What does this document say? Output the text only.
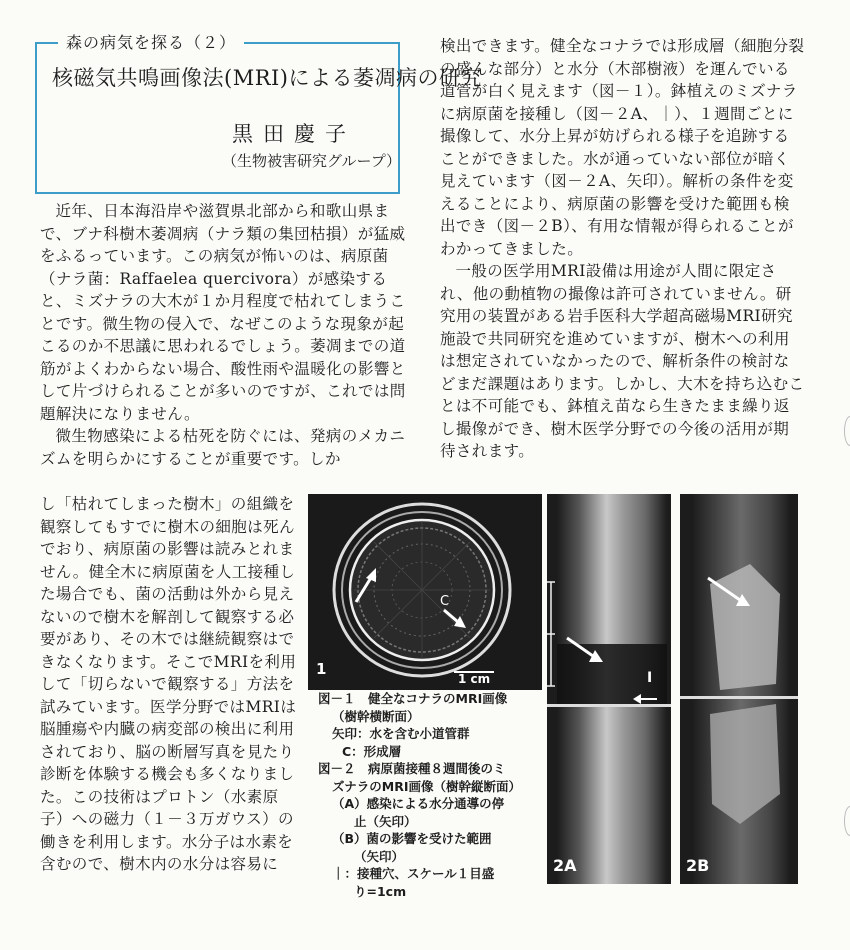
森の病気を探る（２）
核磁気共鳴画像法(MRI)による萎凋病の研究
黒田慶子
（生物被害研究グループ）

近年、日本海沿岸や滋賀県北部から和歌山県まで、ブナ科樹木萎凋病（ナラ類の集団枯損）が猛威をふるっています。この病気が怖いのは、病原菌（ナラ菌：Raffaelea quercivora）が感染すると、ミズナラの大木が１か月程度で枯れてしまうことです。微生物の侵入で、なぜこのような現象が起こるのか不思議に思われるでしょう。萎凋までの道筋がよくわからない場合、酸性雨や温暖化の影響として片づけられることが多いのですが、これでは問題解決になりません。

微生物感染による枯死を防ぐには、発病のメカニズムを明らかにすることが重要です。しか

し「枯れてしまった樹木」の組織を観察してもすでに樹木の細胞は死んでおり、病原菌の影響は読みとれません。健全木に病原菌を人工接種した場合でも、菌の活動は外から見えないので樹木を解剖して観察する必要があり、その木では継続観察はできなくなります。そこでMRIを利用して「切らないで観察する」方法を試みています。医学分野ではMRIは脳腫瘍や内臓の病変部の検出に利用されており、脳の断層写真を見たり診断を体験する機会も多くなりました。この技術はプロトン（水素原子）への磁力（１－３万ガウス）の働きを利用します。水分子は水素を含むので、樹木内の水分は容易に

検出できます。健全なコナラでは形成層（細胞分裂の盛んな部分）と水分（木部樹液）を運んでいる道管が白く見えます（図－１）。鉢植えのミズナラに病原菌を接種し（図－２A、｜）、１週間ごとに撮像して、水分上昇が妨げられる様子を追跡することができました。水が通っていない部位が暗く見えています（図－２A、矢印）。解析の条件を変えることにより、病原菌の影響を受けた範囲も検出でき（図－２B）、有用な情報が得られることがわかってきました。

一般の医学用MRI設備は用途が人間に限定され、他の動植物の撮像は許可されていません。研究用の装置がある岩手医科大学超高磁場MRI研究施設で共同研究を進めていますが、樹木への利用は想定されていなかったので、解析条件の検討などまだ課題はあります。しかし、大木を持ち込むことは不可能でも、鉢植え苗なら生きたまま繰り返し撮像ができ、樹木医学分野での今後の活用が期待されます。

1
C
1 cm	I
2A	2B
図－１　健全なコナラのMRI画像
（樹幹横断面）
矢印：水を含む小道管群
C：形成層
図－２　病原菌接種８週間後のミ
ズナラのMRI画像（樹幹縦断面）
（A）感染による水分通導の停
止（矢印）
（B）菌の影響を受けた範囲
（矢印）
｜：接種穴、スケール１目盛
り=1cm
